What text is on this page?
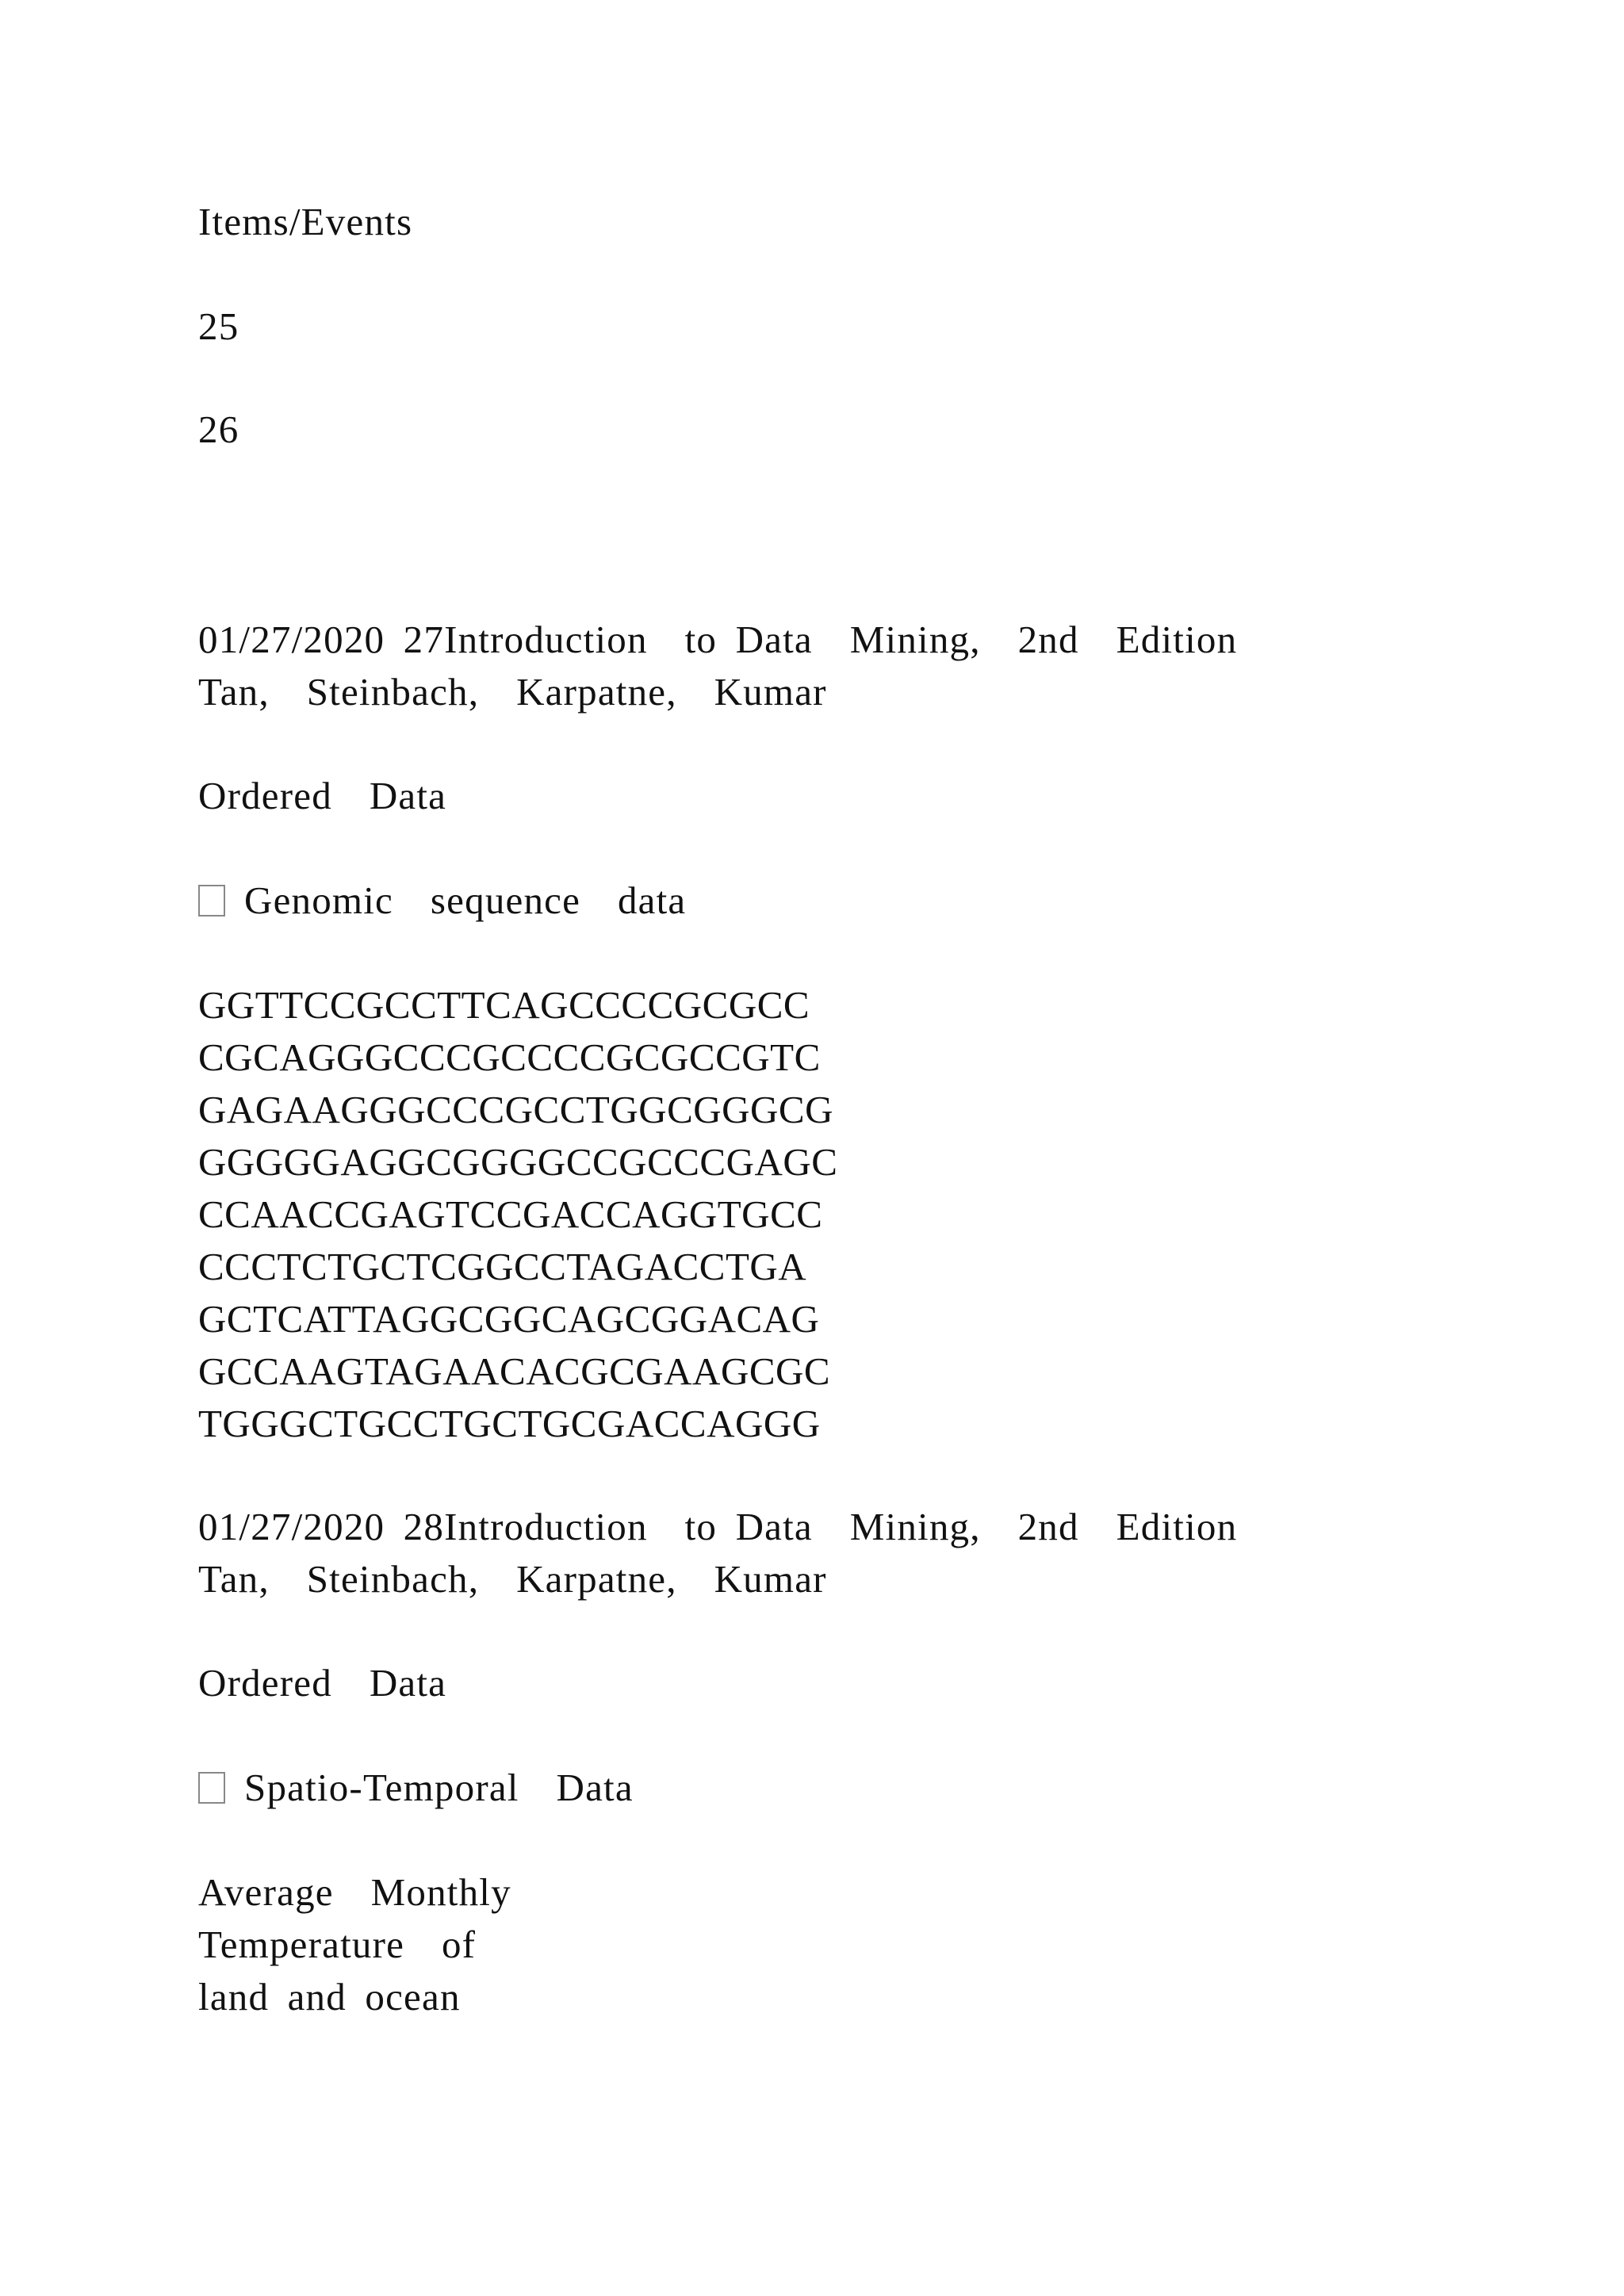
Items/Events
25
26
01/27/2020 27Introduction  to Data  Mining,  2nd  Edition
Tan,  Steinbach,  Karpatne,  Kumar
Ordered  Data
Genomic  sequence  data
GGTTCCGCCTTCAGCCCCGCGCC
CGCAGGGCCCGCCCCGCGCCGTC
GAGAAGGGCCCGCCTGGCGGGCG
GGGGGAGGCGGGGCCGCCCGAGC
CCAACCGAGTCCGACCAGGTGCC
CCCTCTGCTCGGCCTAGACCTGA
GCTCATTAGGCGGCAGCGGACAG
GCCAAGTAGAACACGCGAAGCGC
TGGGCTGCCTGCTGCGACCAGGG
01/27/2020 28Introduction  to Data  Mining,  2nd  Edition
Tan,  Steinbach,  Karpatne,  Kumar
Ordered  Data
Spatio-Temporal  Data
Average  Monthly
Temperature  of
land and ocean
